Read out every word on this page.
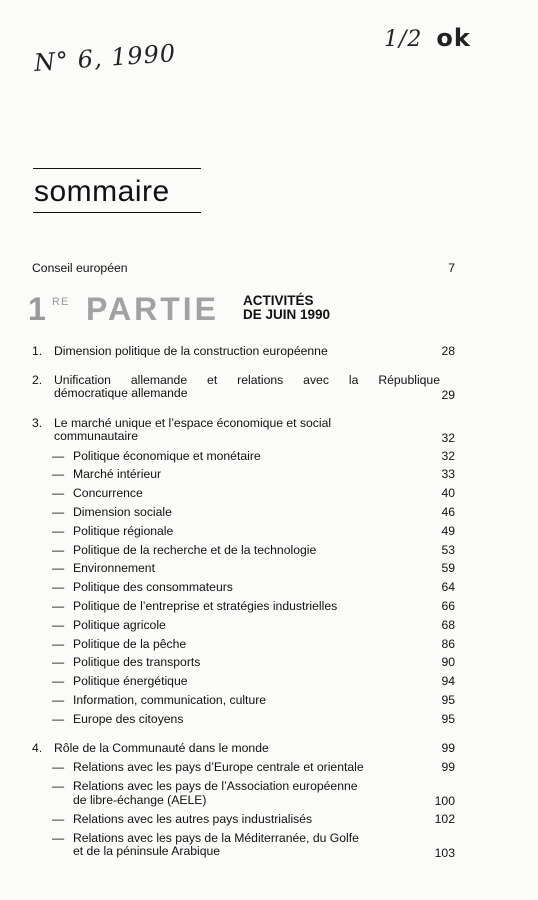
N° 6, 1990	1/2 ok
sommaire
Conseil européen	7
1 RE PARTIE ACTIVITÉS
DE JUIN 1990
1. Dimension politique de la construction européenne	28
2. Unification allemande et relations avec la République
démocratique allemande	29
3. Le marché unique et l’espace économique et social
communautaire	32
— Politique économique et monétaire	32
— Marché intérieur	33
— Concurrence	40
— Dimension sociale	46
— Politique régionale	49
— Politique de la recherche et de la technologie	53
— Environnement	59
— Politique des consommateurs	64
— Politique de l’entreprise et stratégies industrielles	66
— Politique agricole	68
— Politique de la pêche	86
— Politique des transports	90
— Politique énergétique	94
— Information, communication, culture	95
— Europe des citoyens	95
4. Rôle de la Communauté dans le monde	99
— Relations avec les pays d’Europe centrale et orientale	99
— Relations avec les pays de l’Association européenne
de libre-échange (AELE)	100
— Relations avec les autres pays industrialisés	102
— Relations avec les pays de la Méditerranée, du Golfe
et de la péninsule Arabique	103
